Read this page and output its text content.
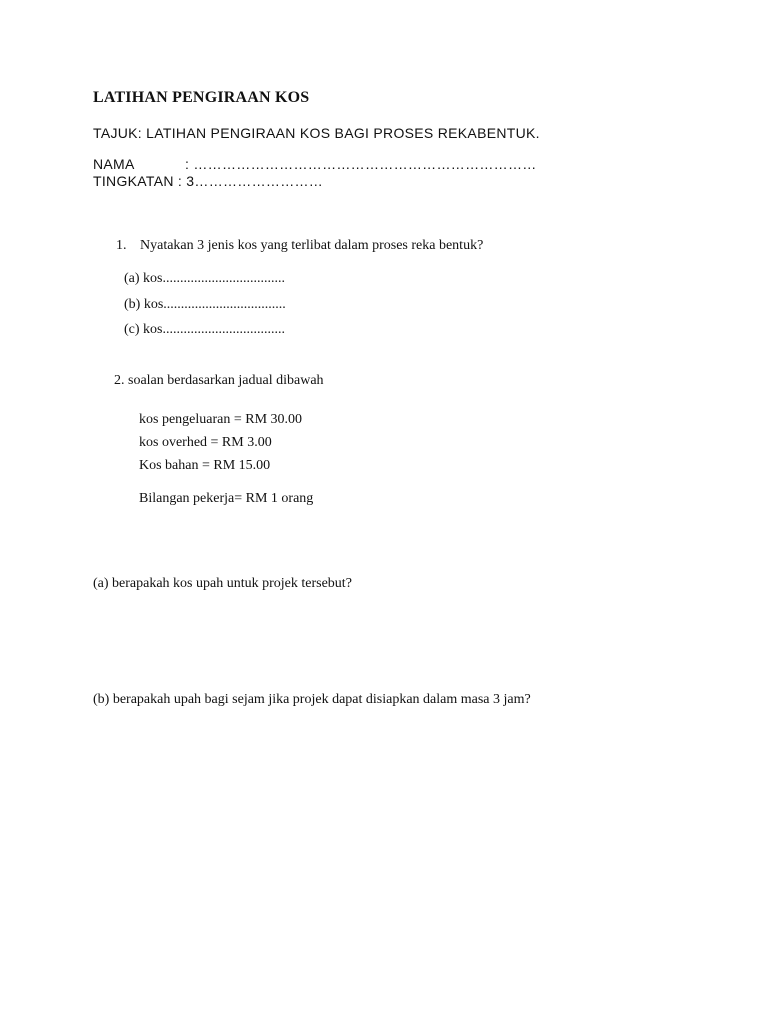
LATIHAN PENGIRAAN KOS
TAJUK: LATIHAN PENGIRAAN KOS BAGI PROSES REKABENTUK.
NAMA	: ………………………………………………………………
TINGKATAN : 3………………………
1. Nyatakan 3 jenis kos yang terlibat dalam proses reka bentuk?
(a) kos...................................
(b) kos...................................
(c) kos...................................
2. soalan berdasarkan jadual dibawah
kos pengeluaran = RM 30.00
kos overhed = RM 3.00
Kos bahan = RM 15.00
Bilangan pekerja= RM 1 orang
(a) berapakah kos upah untuk projek tersebut?
(b) berapakah upah bagi sejam jika projek dapat disiapkan dalam masa 3 jam?
